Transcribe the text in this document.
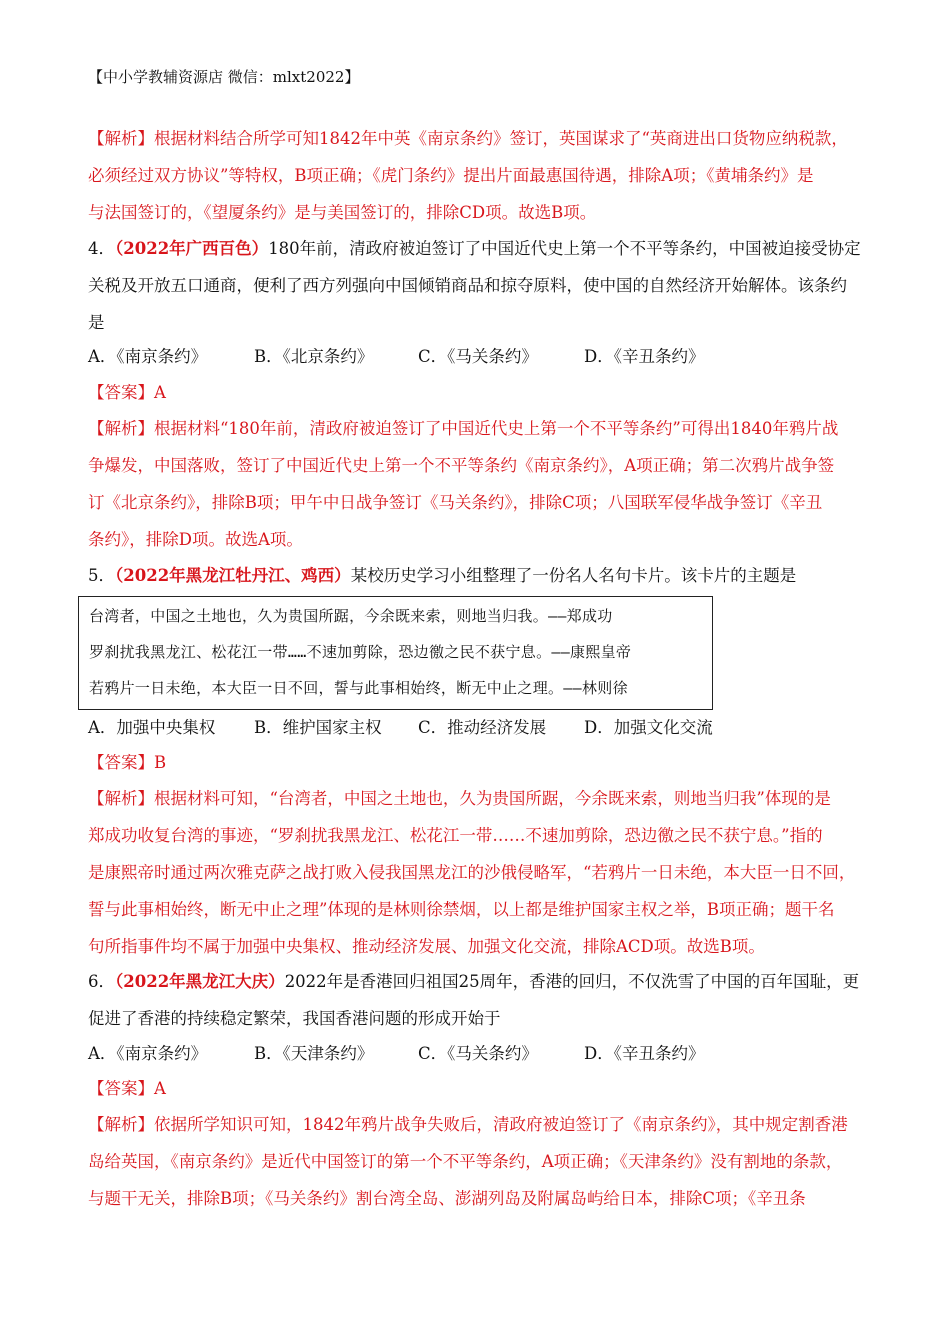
【中小学教辅资源店 微信：mlxt2022】
【解析】根据材料结合所学可知1842年中英《南京条约》签订，英国谋求了“英商进出口货物应纳税款，
必须经过双方协议”等特权，B项正确；《虎门条约》提出片面最惠国待遇，排除A项；《黄埔条约》是
与法国签订的，《望厦条约》是与美国签订的，排除CD项。故选B项。
4．（2022年广西百色）180年前，清政府被迫签订了中国近代史上第一个不平等条约，中国被迫接受协定
关税及开放五口通商，便利了西方列强向中国倾销商品和掠夺原料，使中国的自然经济开始解体。该条约
是
A．《南京条约》	B．《北京条约》	C．《马关条约》	D．《辛丑条约》
【答案】A
【解析】根据材料“180年前，清政府被迫签订了中国近代史上第一个不平等条约”可得出1840年鸦片战
争爆发，中国落败，签订了中国近代史上第一个不平等条约《南京条约》，A项正确；第二次鸦片战争签
订《北京条约》，排除B项；甲午中日战争签订《马关条约》，排除C项；八国联军侵华战争签订《辛丑
条约》，排除D项。故选A项。
5．（2022年黑龙江牡丹江、鸡西）某校历史学习小组整理了一份名人名句卡片。该卡片的主题是
台湾者，中国之土地也，久为贵国所踞，今余既来索，则地当归我。——郑成功
罗刹扰我黑龙江、松花江一带……不速加剪除，恐边徼之民不获宁息。——康熙皇帝
若鸦片一日未绝，本大臣一日不回，誓与此事相始终，断无中止之理。——林则徐
A．加强中央集权 B．维护国家主权 C．推动经济发展 D．加强文化交流
【答案】B
【解析】根据材料可知，“台湾者，中国之土地也，久为贵国所踞，今余既来索，则地当归我”体现的是
郑成功收复台湾的事迹，“罗刹扰我黑龙江、松花江一带……不速加剪除，恐边徼之民不获宁息。”指的
是康熙帝时通过两次雅克萨之战打败入侵我国黑龙江的沙俄侵略军，“若鸦片一日未绝，本大臣一日不回，
誓与此事相始终，断无中止之理”体现的是林则徐禁烟，以上都是维护国家主权之举，B项正确；题干名
句所指事件均不属于加强中央集权、推动经济发展、加强文化交流，排除ACD项。故选B项。
6．（2022年黑龙江大庆）2022年是香港回归祖国25周年，香港的回归，不仅洗雪了中国的百年国耻，更
促进了香港的持续稳定繁荣，我国香港问题的形成开始于
A．《南京条约》	B．《天津条约》	C．《马关条约》	D．《辛丑条约》
【答案】A
【解析】依据所学知识可知，1842年鸦片战争失败后，清政府被迫签订了《南京条约》，其中规定割香港
岛给英国，《南京条约》是近代中国签订的第一个不平等条约，A项正确；《天津条约》没有割地的条款，
与题干无关，排除B项；《马关条约》割台湾全岛、澎湖列岛及附属岛屿给日本，排除C项；《辛丑条
